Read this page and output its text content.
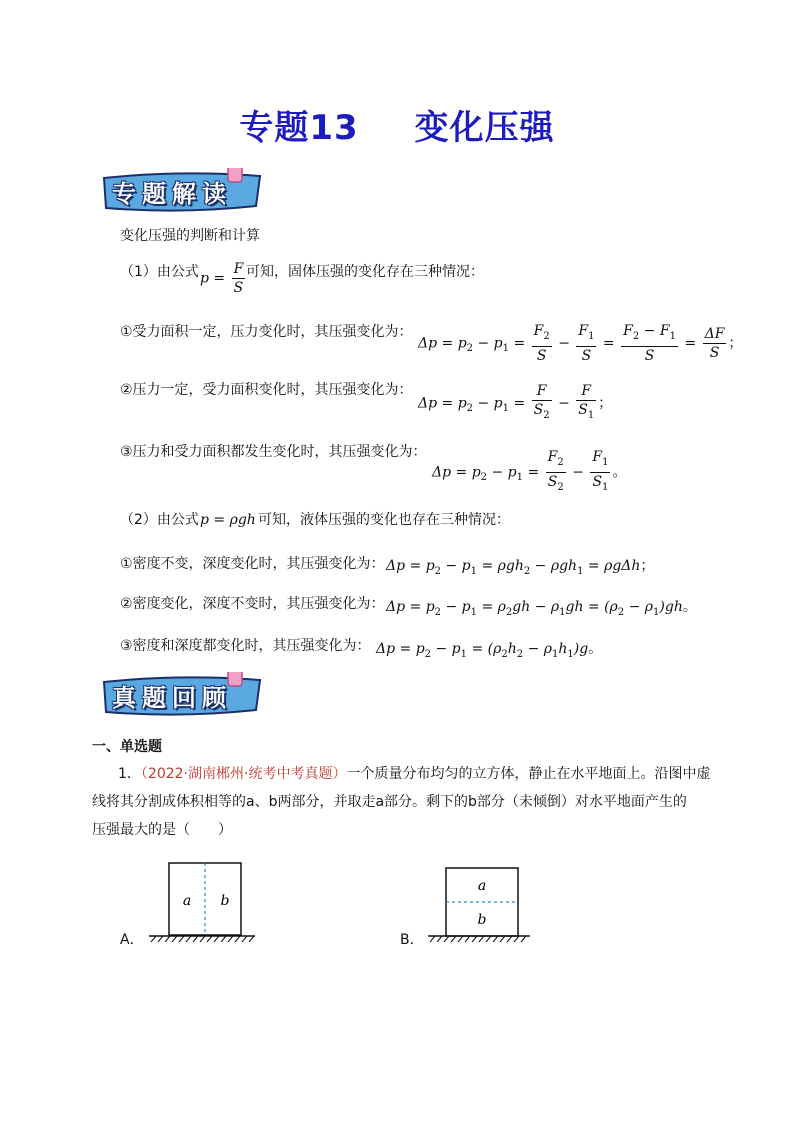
专题13 变化压强
专题解读
变化压强的判断和计算
（1）由公式 $p = \frac{F}{S}$ 可知，固体压强的变化存在三种情况：
①受力面积一定，压力变化时，其压强变化为：
$\Delta p = p_2 - p_1 = \frac{F_2}{S} - \frac{F_1}{S} = \frac{F_2 - F_1}{S} = \frac{\Delta F}{S}$ ；
②压力一定，受力面积变化时，其压强变化为：
$\Delta p = p_2 - p_1 = \frac{F}{S_2} - \frac{F}{S_1}$ ；
③压力和受力面积都发生变化时，其压强变化为：
$\Delta p = p_2 - p_1 = \frac{F_2}{S_2} - \frac{F_1}{S_1}$ 。
（2）由公式 p = ρgh 可知，液体压强的变化也存在三种情况：
①密度不变，深度变化时，其压强变化为： $\Delta p = p_2 - p_1 = \rho gh_2 - \rho gh_1 = \rho g\Delta h$；
②密度变化，深度不变时，其压强变化为： $\Delta p = p_2 - p_1 = \rho_2gh - \rho_1gh = (\rho_2 - \rho_1)gh$。
③密度和深度都变化时，其压强变化为： $\Delta p = p_2 - p_1 = (\rho_2h_2 - \rho_1h_1)g$。
真题回顾
一、单选题
1．（2022·湖南郴州·统考中考真题）一个质量分布均匀的立方体，静止在水平地面上。沿图中虚
线将其分割成体积相等的a、b两部分，并取走a部分。剩下的b部分（未倾倒）对水平地面产生的
压强最大的是（　　）
A．
a b
B．
a
b
